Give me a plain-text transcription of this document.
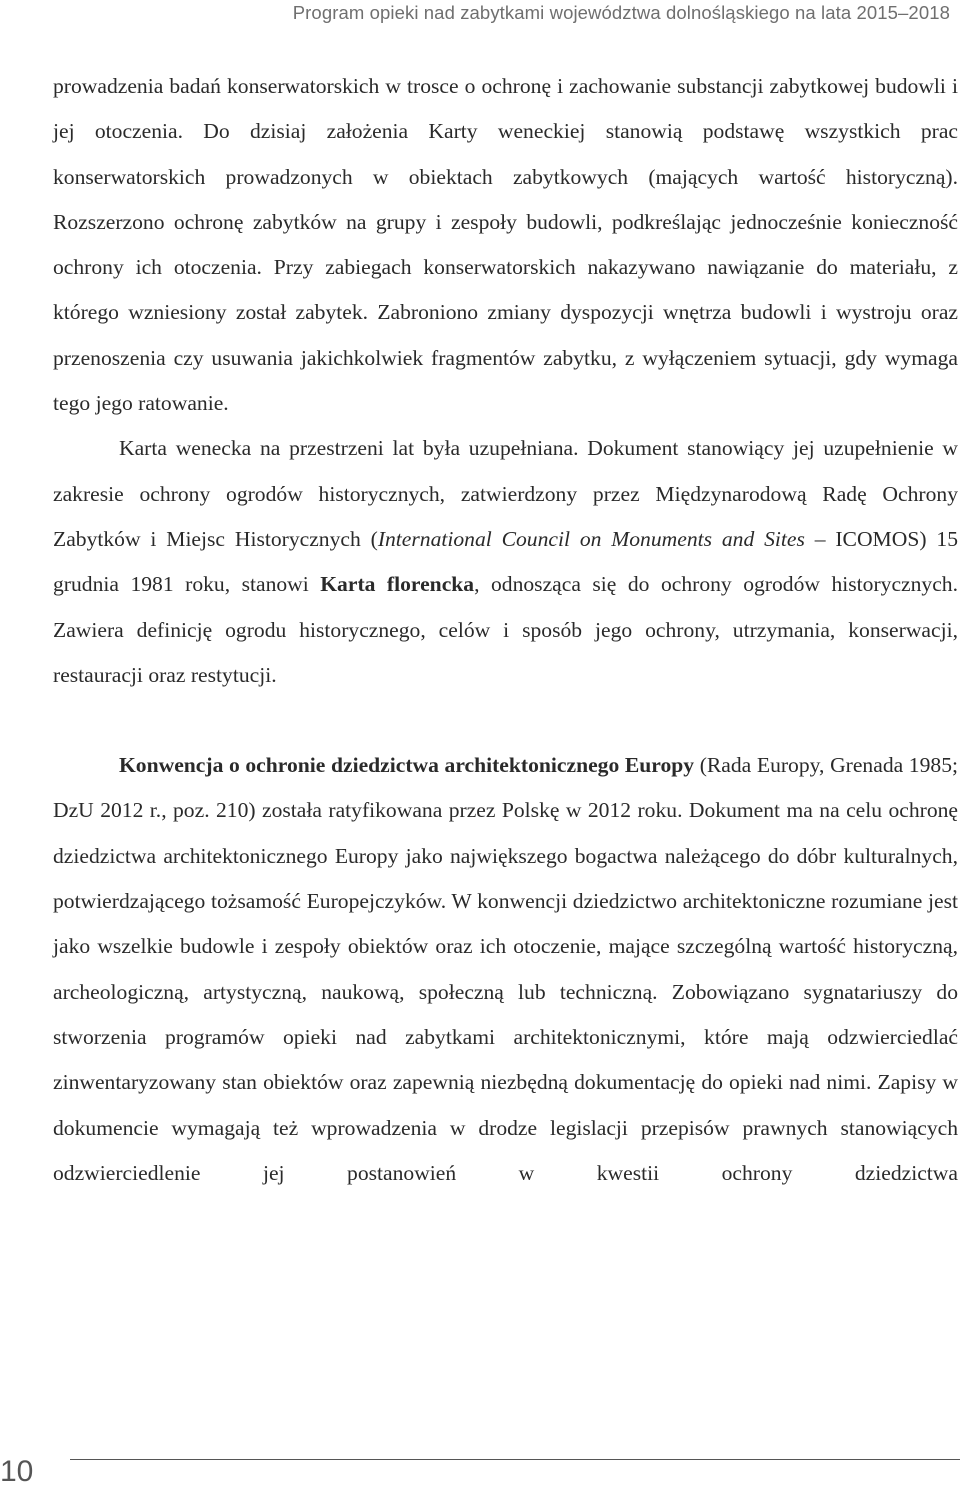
Program opieki nad zabytkami województwa dolnośląskiego na lata 2015–2018

prowadzenia badań konserwatorskich w trosce o ochronę i zachowanie substancji zabytkowej budowli i jej otoczenia. Do dzisiaj założenia Karty weneckiej stanowią podstawę wszystkich prac konserwatorskich prowadzonych w obiektach zabytkowych (mających wartość historyczną). Rozszerzono ochronę zabytków na grupy i zespoły budowli, podkreślając jednocześnie konieczność ochrony ich otoczenia. Przy zabiegach konserwatorskich nakazywano nawiązanie do materiału, z którego wzniesiony został zabytek. Zabroniono zmiany dyspozycji wnętrza budowli i wystroju oraz przenoszenia czy usuwania jakichkolwiek fragmentów zabytku, z wyłączeniem sytuacji, gdy wymaga tego jego ratowanie.

Karta wenecka na przestrzeni lat była uzupełniana. Dokument stanowiący jej uzupełnienie w zakresie ochrony ogrodów historycznych, zatwierdzony przez Międzynarodową Radę Ochrony Zabytków i Miejsc Historycznych (International Council on Monuments and Sites – ICOMOS) 15 grudnia 1981 roku, stanowi Karta florencka, odnosząca się do ochrony ogrodów historycznych. Zawiera definicję ogrodu historycznego, celów i sposób jego ochrony, utrzymania, konserwacji, restauracji oraz restytucji.

Konwencja o ochronie dziedzictwa architektonicznego Europy (Rada Europy, Grenada 1985; DzU 2012 r., poz. 210) została ratyfikowana przez Polskę w 2012 roku. Dokument ma na celu ochronę dziedzictwa architektonicznego Europy jako największego bogactwa należącego do dóbr kulturalnych, potwierdzającego tożsamość Europejczyków. W konwencji dziedzictwo architektoniczne rozumiane jest jako wszelkie budowle i zespoły obiektów oraz ich otoczenie, mające szczególną wartość historyczną, archeologiczną, artystyczną, naukową, społeczną lub techniczną. Zobowiązano sygnatariuszy do stworzenia programów opieki nad zabytkami architektonicznymi, które mają odzwierciedlać zinwentaryzowany stan obiektów oraz zapewnią niezbędną dokumentację do opieki nad nimi. Zapisy w dokumencie wymagają też wprowadzenia w drodze legislacji przepisów prawnych stanowiących odzwierciedlenie jej postanowień w kwestii ochrony dziedzictwa

10
